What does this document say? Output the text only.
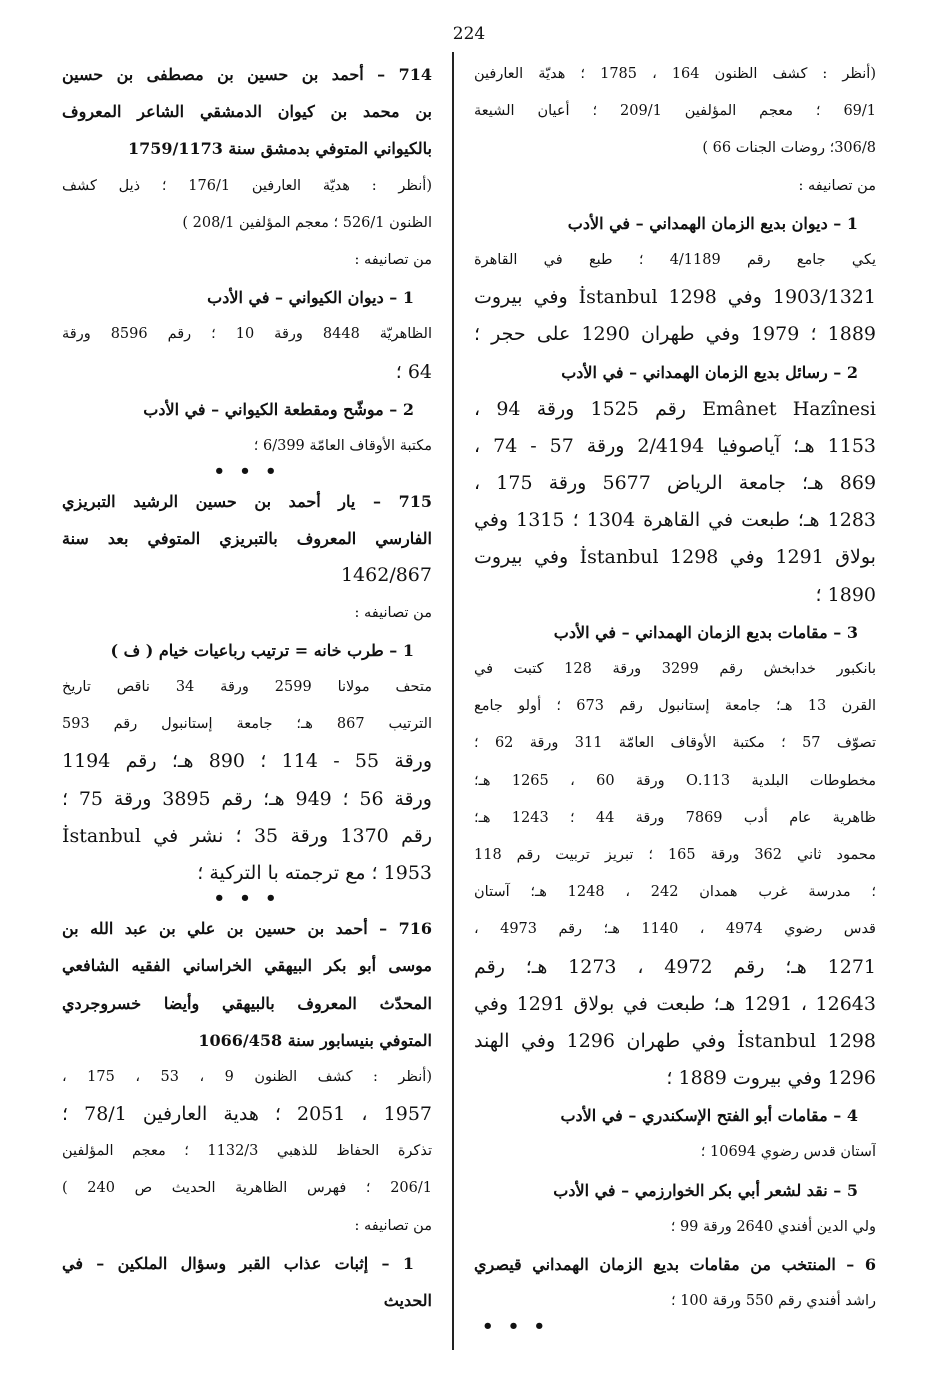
224
(أنظر : كشف الظنون 164 ، 1785 ؛ هديّة العارفين
69/1 ؛ معجم المؤلفين 209/1 ؛ أعيان الشيعة
306/8؛ روضات الجنات 66 )
من تصانيفه :
1 – ديوان بديع الزمان الهمداني – في الأدب
يكي جامع رقم 4/1189 ؛ طبع في القاهرة
1903/1321 وفي İstanbul 1298 وفي بيروت
1889 ؛ 1979 وفي طهران 1290 على حجر ؛
2 – رسائل بديع الزمان الهمداني – في الأدب
Emânet Hazînesi رقم 1525 ورقة 94 ،
1153 هـ؛ آياصوفيا 2/4194 ورقة 57 - 74 ،
869 هـ؛ جامعة الرياض 5677 ورقة 175 ،
1283 هـ؛ طبعت في القاهرة 1304 ؛ 1315 وفي
بولاق 1291 وفي İstanbul 1298 وفي بيروت
1890 ؛
3 – مقامات بديع الزمان الهمداني – في الأدب
بانكبور خدابخش رقم 3299 ورقة 128 كتبت في
القرن 13 هـ؛ جامعة إستانبول رقم 673 ؛ أولو جامع
تصوّف 57 ؛ مكتبة الأوقاف العامّة 311 ورقة 62 ؛
مخطوطات البلدية 113.O ورقة 60 ، 1265 هـ؛
ظاهرية عام أدب 7869 ورقة 44 ؛ 1243 هـ؛
محمود ثاني 362 ورقة 165 ؛ تبريز تربيت رقم 118
؛ مدرسة غرب همدان 242 ، 1248 هـ؛ آستان
قدس رضوي 4974 ، 1140 هـ؛ رقم 4973 ،
1271 هـ؛ رقم 4972 ، 1273 هـ؛ رقم
12643 ، 1291 هـ؛ طبعت في بولاق 1291 وفي
İstanbul 1298 وفي طهران 1296 وفي الهند
1296 وفي بيروت 1889 ؛
4 – مقامات أبو الفتح الإسكندري – في الأدب
آستان قدس رضوي 10694 ؛
5 – نقد لشعر أبي بكر الخوارزمي – في الأدب
ولي الدين أفندي 2640 ورقة 99 ؛
6 – المنتخب من مقامات بديع الزمان الهمداني قيصري
راشد أفندي رقم 550 ورقة 100 ؛
• • •
714 – أحمد بن حسين بن مصطفى بن حسين
بن محمد بن كيوان الدمشقي الشاعر المعروف
بالكيواني المتوفي بدمشق سنة 1759/1173
(أنظر : هديّة العارفين 176/1 ؛ ذيل كشف
الظنون 526/1 ؛ معجم المؤلفين 208/1 )
من تصانيفه :
1 – ديوان الكيواني – في الأدب
الظاهريّة 8448 ورقة 10 ؛ رقم 8596 ورقة
64 ؛
2 – موشّح ومقطعة الكيواني – في الأدب
مكتبة الأوقاف العامّة 6/399 ؛
• • •
715 – يار أحمد بن حسين الرشيد التبريزي
الفارسي المعروف بالتبريزي المتوفي بعد سنة
1462/867
من تصانيفه :
1 – طرب خانه = ترتيب رباعيات خيام ( ف )
متحف مولانا 2599 ورقة 34 ناقص تاريخ
الترتيب 867 هـ؛ جامعة إستانبول رقم 593
ورقة 55 - 114 ؛ 890 هـ؛ رقم 1194
ورقة 56 ؛ 949 هـ؛ رقم 3895 ورقة 75 ؛
رقم 1370 ورقة 35 ؛ نشر في İstanbul
1953 ؛ مع ترجمته با التركية ؛
• • •
716 – أحمد بن حسين بن علي بن عبد الله بن
موسى أبو بكر البيهقي الخراساني الفقيه الشافعي
المحدّث المعروف بالبيهقي وأيضا خسروجردي
المتوفي بنيسابور سنة 1066/458
(أنظر : كشف الظنون 9 ، 53 ، 175 ،
1957 ، 2051 ؛ هدية العارفين 78/1 ؛
تذكرة الحفاظ للذهبي 1132/3 ؛ معجم المؤلفين
206/1 ؛ فهرس الظاهرية الحديث ص 240 )
من تصانيفه :
1 – إثبات عذاب القبر وسؤال الملكين – في
الحديث
